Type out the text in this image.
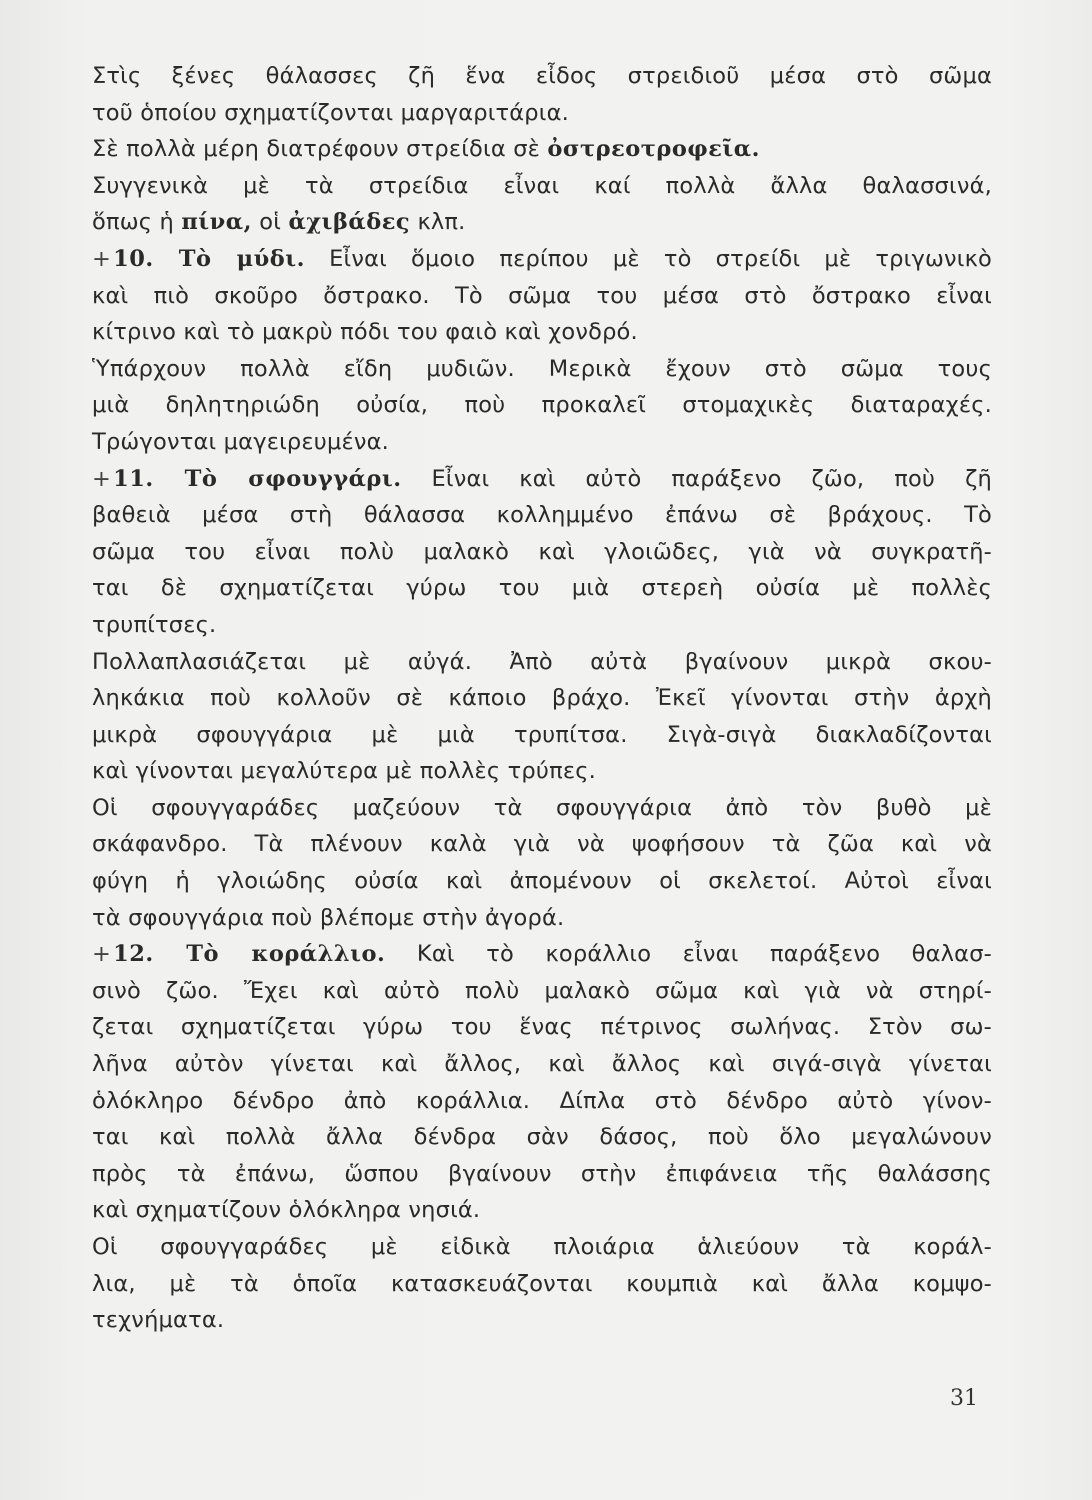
Στὶς ξένες θάλασσες ζῆ ἕνα εἶδος στρειδιοῦ μέσα στὸ σῶμα
τοῦ ὁποίου σχηματίζονται μαργαριτάρια.
Σὲ πολλὰ μέρη διατρέφουν στρείδια σὲ ὀστρεοτροφεῖα.
Συγγενικὰ μὲ τὰ στρείδια εἶναι καί πολλὰ ἄλλα θαλασσινά,
ὅπως ἡ πίνα, οἱ ἀχιβάδες κλπ.
+10. Τὸ μύδι. Εἶναι ὅμοιο περίπου μὲ τὸ στρείδι μὲ τριγωνικὸ
καὶ πιὸ σκοῦρο ὄστρακο. Τὸ σῶμα του μέσα στὸ ὄστρακο εἶναι
κίτρινο καὶ τὸ μακρὺ πόδι του φαιὸ καὶ χονδρό.
Ὑπάρχουν πολλὰ εἴδη μυδιῶν. Μερικὰ ἔχουν στὸ σῶμα τους
μιὰ δηλητηριώδη οὐσία, ποὺ προκαλεῖ στομαχικὲς διαταραχές.
Τρώγονται μαγειρευμένα.
+11. Τὸ σφουγγάρι. Εἶναι καὶ αὐτὸ παράξενο ζῶο, ποὺ ζῆ
βαθειὰ μέσα στὴ θάλασσα κολλημμένο ἐπάνω σὲ βράχους. Τὸ
σῶμα του εἶναι πολὺ μαλακὸ καὶ γλοιῶδες, γιὰ νὰ συγκρατῆ-
ται δὲ σχηματίζεται γύρω του μιὰ στερεὴ οὐσία μὲ πολλὲς
τρυπίτσες.
Πολλαπλασιάζεται μὲ αὐγά. Ἀπὸ αὐτὰ βγαίνουν μικρὰ σκου-
ληκάκια ποὺ κολλοῦν σὲ κάποιο βράχο. Ἐκεῖ γίνονται στὴν ἀρχὴ
μικρὰ σφουγγάρια μὲ μιὰ τρυπίτσα. Σιγὰ-σιγὰ διακλαδίζονται
καὶ γίνονται μεγαλύτερα μὲ πολλὲς τρύπες.
Οἱ σφουγγαράδες μαζεύουν τὰ σφουγγάρια ἀπὸ τὸν βυθὸ μὲ
σκάφανδρο. Τὰ πλένουν καλὰ γιὰ νὰ ψοφήσουν τὰ ζῶα καὶ νὰ
φύγη ἡ γλοιώδης οὐσία καὶ ἀπομένουν οἱ σκελετοί. Αὐτοὶ εἶναι
τὰ σφουγγάρια ποὺ βλέπομε στὴν ἀγορά.
+12. Τὸ κοράλλιο. Καὶ τὸ κοράλλιο εἶναι παράξενο θαλασ-
σινὸ ζῶο. Ἔχει καὶ αὐτὸ πολὺ μαλακὸ σῶμα καὶ γιὰ νὰ στηρί-
ζεται σχηματίζεται γύρω του ἕνας πέτρινος σωλήνας. Στὸν σω-
λῆνα αὐτὸν γίνεται καὶ ἄλλος, καὶ ἄλλος καὶ σιγά-σιγὰ γίνεται
ὁλόκληρο δένδρο ἀπὸ κοράλλια. Δίπλα στὸ δένδρο αὐτὸ γίνον-
ται καὶ πολλὰ ἄλλα δένδρα σὰν δάσος, ποὺ ὅλο μεγαλώνουν
πρὸς τὰ ἐπάνω, ὥσπου βγαίνουν στὴν ἐπιφάνεια τῆς θαλάσσης
καὶ σχηματίζουν ὁλόκληρα νησιά.
Οἱ σφουγγαράδες μὲ εἰδικὰ πλοιάρια ἁλιεύουν τὰ κοράλ-
λια, μὲ τὰ ὁποῖα κατασκευάζονται κουμπιὰ καὶ ἄλλα κομψο-
τεχνήματα.
31
